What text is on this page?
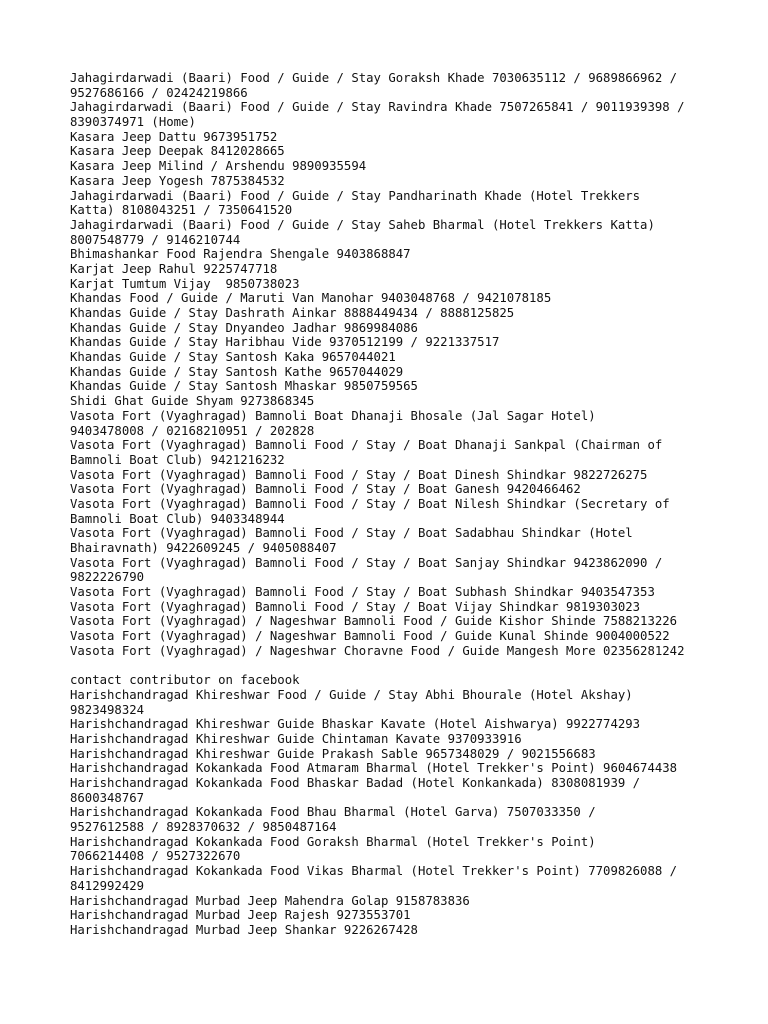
Jahagirdarwadi (Baari) Food / Guide / Stay Goraksh Khade 7030635112 / 9689866962 /
9527686166 / 02424219866
Jahagirdarwadi (Baari) Food / Guide / Stay Ravindra Khade 7507265841 / 9011939398 /
8390374971 (Home)
Kasara Jeep Dattu 9673951752
Kasara Jeep Deepak 8412028665
Kasara Jeep Milind / Arshendu 9890935594
Kasara Jeep Yogesh 7875384532
Jahagirdarwadi (Baari) Food / Guide / Stay Pandharinath Khade (Hotel Trekkers
Katta) 8108043251 / 7350641520
Jahagirdarwadi (Baari) Food / Guide / Stay Saheb Bharmal (Hotel Trekkers Katta)
8007548779 / 9146210744
Bhimashankar Food Rajendra Shengale 9403868847
Karjat Jeep Rahul 9225747718
Karjat Tumtum Vijay  9850738023
Khandas Food / Guide / Maruti Van Manohar 9403048768 / 9421078185
Khandas Guide / Stay Dashrath Ainkar 8888449434 / 8888125825
Khandas Guide / Stay Dnyandeo Jadhar 9869984086
Khandas Guide / Stay Haribhau Vide 9370512199 / 9221337517
Khandas Guide / Stay Santosh Kaka 9657044021
Khandas Guide / Stay Santosh Kathe 9657044029
Khandas Guide / Stay Santosh Mhaskar 9850759565
Shidi Ghat Guide Shyam 9273868345
Vasota Fort (Vyaghragad) Bamnoli Boat Dhanaji Bhosale (Jal Sagar Hotel)
9403478008 / 02168210951 / 202828
Vasota Fort (Vyaghragad) Bamnoli Food / Stay / Boat Dhanaji Sankpal (Chairman of
Bamnoli Boat Club) 9421216232
Vasota Fort (Vyaghragad) Bamnoli Food / Stay / Boat Dinesh Shindkar 9822726275
Vasota Fort (Vyaghragad) Bamnoli Food / Stay / Boat Ganesh 9420466462
Vasota Fort (Vyaghragad) Bamnoli Food / Stay / Boat Nilesh Shindkar (Secretary of
Bamnoli Boat Club) 9403348944
Vasota Fort (Vyaghragad) Bamnoli Food / Stay / Boat Sadabhau Shindkar (Hotel
Bhairavnath) 9422609245 / 9405088407
Vasota Fort (Vyaghragad) Bamnoli Food / Stay / Boat Sanjay Shindkar 9423862090 /
9822226790
Vasota Fort (Vyaghragad) Bamnoli Food / Stay / Boat Subhash Shindkar 9403547353
Vasota Fort (Vyaghragad) Bamnoli Food / Stay / Boat Vijay Shindkar 9819303023
Vasota Fort (Vyaghragad) / Nageshwar Bamnoli Food / Guide Kishor Shinde 7588213226
Vasota Fort (Vyaghragad) / Nageshwar Bamnoli Food / Guide Kunal Shinde 9004000522
Vasota Fort (Vyaghragad) / Nageshwar Choravne Food / Guide Mangesh More 02356281242
contact contributor on facebook
Harishchandragad Khireshwar Food / Guide / Stay Abhi Bhourale (Hotel Akshay)
9823498324
Harishchandragad Khireshwar Guide Bhaskar Kavate (Hotel Aishwarya) 9922774293
Harishchandragad Khireshwar Guide Chintaman Kavate 9370933916
Harishchandragad Khireshwar Guide Prakash Sable 9657348029 / 9021556683
Harishchandragad Kokankada Food Atmaram Bharmal (Hotel Trekker's Point) 9604674438
Harishchandragad Kokankada Food Bhaskar Badad (Hotel Konkankada) 8308081939 /
8600348767
Harishchandragad Kokankada Food Bhau Bharmal (Hotel Garva) 7507033350 /
9527612588 / 8928370632 / 9850487164
Harishchandragad Kokankada Food Goraksh Bharmal (Hotel Trekker's Point)
7066214408 / 9527322670
Harishchandragad Kokankada Food Vikas Bharmal (Hotel Trekker's Point) 7709826088 /
8412992429
Harishchandragad Murbad Jeep Mahendra Golap 9158783836
Harishchandragad Murbad Jeep Rajesh 9273553701
Harishchandragad Murbad Jeep Shankar 9226267428
